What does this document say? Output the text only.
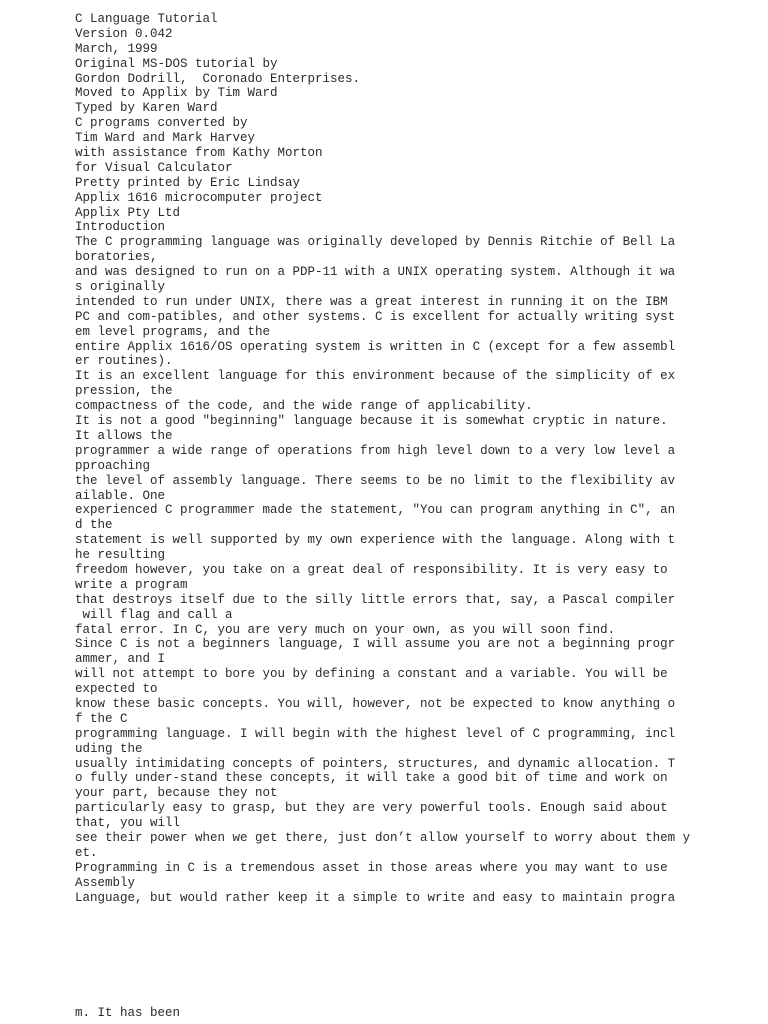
C Language Tutorial
Version 0.042
March, 1999
Original MS-DOS tutorial by
Gordon Dodrill,  Coronado Enterprises.
Moved to Applix by Tim Ward
Typed by Karen Ward
C programs converted by
Tim Ward and Mark Harvey
with assistance from Kathy Morton
for Visual Calculator
Pretty printed by Eric Lindsay
Applix 1616 microcomputer project
Applix Pty Ltd
Introduction
The C programming language was originally developed by Dennis Ritchie of Bell La
boratories,
and was designed to run on a PDP-11 with a UNIX operating system. Although it wa
s originally
intended to run under UNIX, there was a great interest in running it on the IBM
PC and com-patibles, and other systems. C is excellent for actually writing syst
em level programs, and the
entire Applix 1616/OS operating system is written in C (except for a few assembl
er routines).
It is an excellent language for this environment because of the simplicity of ex
pression, the
compactness of the code, and the wide range of applicability.
It is not a good "beginning" language because it is somewhat cryptic in nature.
It allows the
programmer a wide range of operations from high level down to a very low level a
pproaching
the level of assembly language. There seems to be no limit to the flexibility av
ailable. One
experienced C programmer made the statement, "You can program anything in C", an
d the
statement is well supported by my own experience with the language. Along with t
he resulting
freedom however, you take on a great deal of responsibility. It is very easy to
write a program
that destroys itself due to the silly little errors that, say, a Pascal compiler
will flag and call a
fatal error. In C, you are very much on your own, as you will soon find.
Since C is not a beginners language, I will assume you are not a beginning progr
ammer, and I
will not attempt to bore you by defining a constant and a variable. You will be
expected to
know these basic concepts. You will, however, not be expected to know anything o
f the C
programming language. I will begin with the highest level of C programming, incl
uding the
usually intimidating concepts of pointers, structures, and dynamic allocation. T
o fully under-stand these concepts, it will take a good bit of time and work on
your part, because they not
particularly easy to grasp, but they are very powerful tools. Enough said about
that, you will
see their power when we get there, just don’t allow yourself to worry about them y
et.
Programming in C is a tremendous asset in those areas where you may want to use
Assembly
Language, but would rather keep it a simple to write and easy to maintain progra
m. It has been
